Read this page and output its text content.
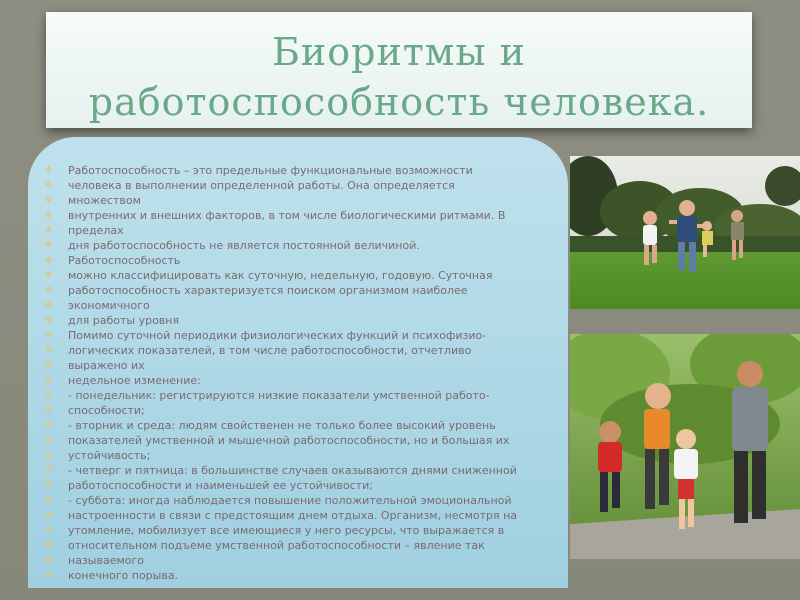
Биоритмы и
работоспособность человека.
❖ Работоспособность – это предельные функциональные возможности
❖ человека в выполнении определенной работы. Она определяется
❖ множеством
❖ внутренних и внешних факторов, в том числе биологическими ритмами. В
❖ пределах
❖ дня работоспособность не является постоянной величиной.
❖ Работоспособность
❖ можно классифицировать как суточную, недельную, годовую. Суточная
❖ работоспособность характеризуется поиском организмом наиболее
❖ экономичного
❖ для работы уровня
❖ Помимо суточной периодики физиологических функций и психофизио-
❖ логических показателей, в том числе работоспособности, отчетливо
❖ выражено их
❖ недельное изменение:
❖ - понедельник: регистрируются низкие показатели умственной работо-
❖ способности;
❖ - вторник и среда: людям свойственен не только более высокий уровень
❖ показателей умственной и мышечной работоспособности, но и большая их
❖ устойчивость;
❖ - четверг и пятница: в большинстве случаев оказываются днями сниженной
❖ работоспособности и наименьшей ее устойчивости;
❖ - суббота: иногда наблюдается повышение положительной эмоциональной
❖ настроенности в связи с предстоящим днем отдыха. Организм, несмотря на
❖ утомление, мобилизует все имеющиеся у него ресурсы, что выражается в
❖ относительном подъеме умственной работоспособности – явление так
❖ называемого
❖ конечного порыва.
